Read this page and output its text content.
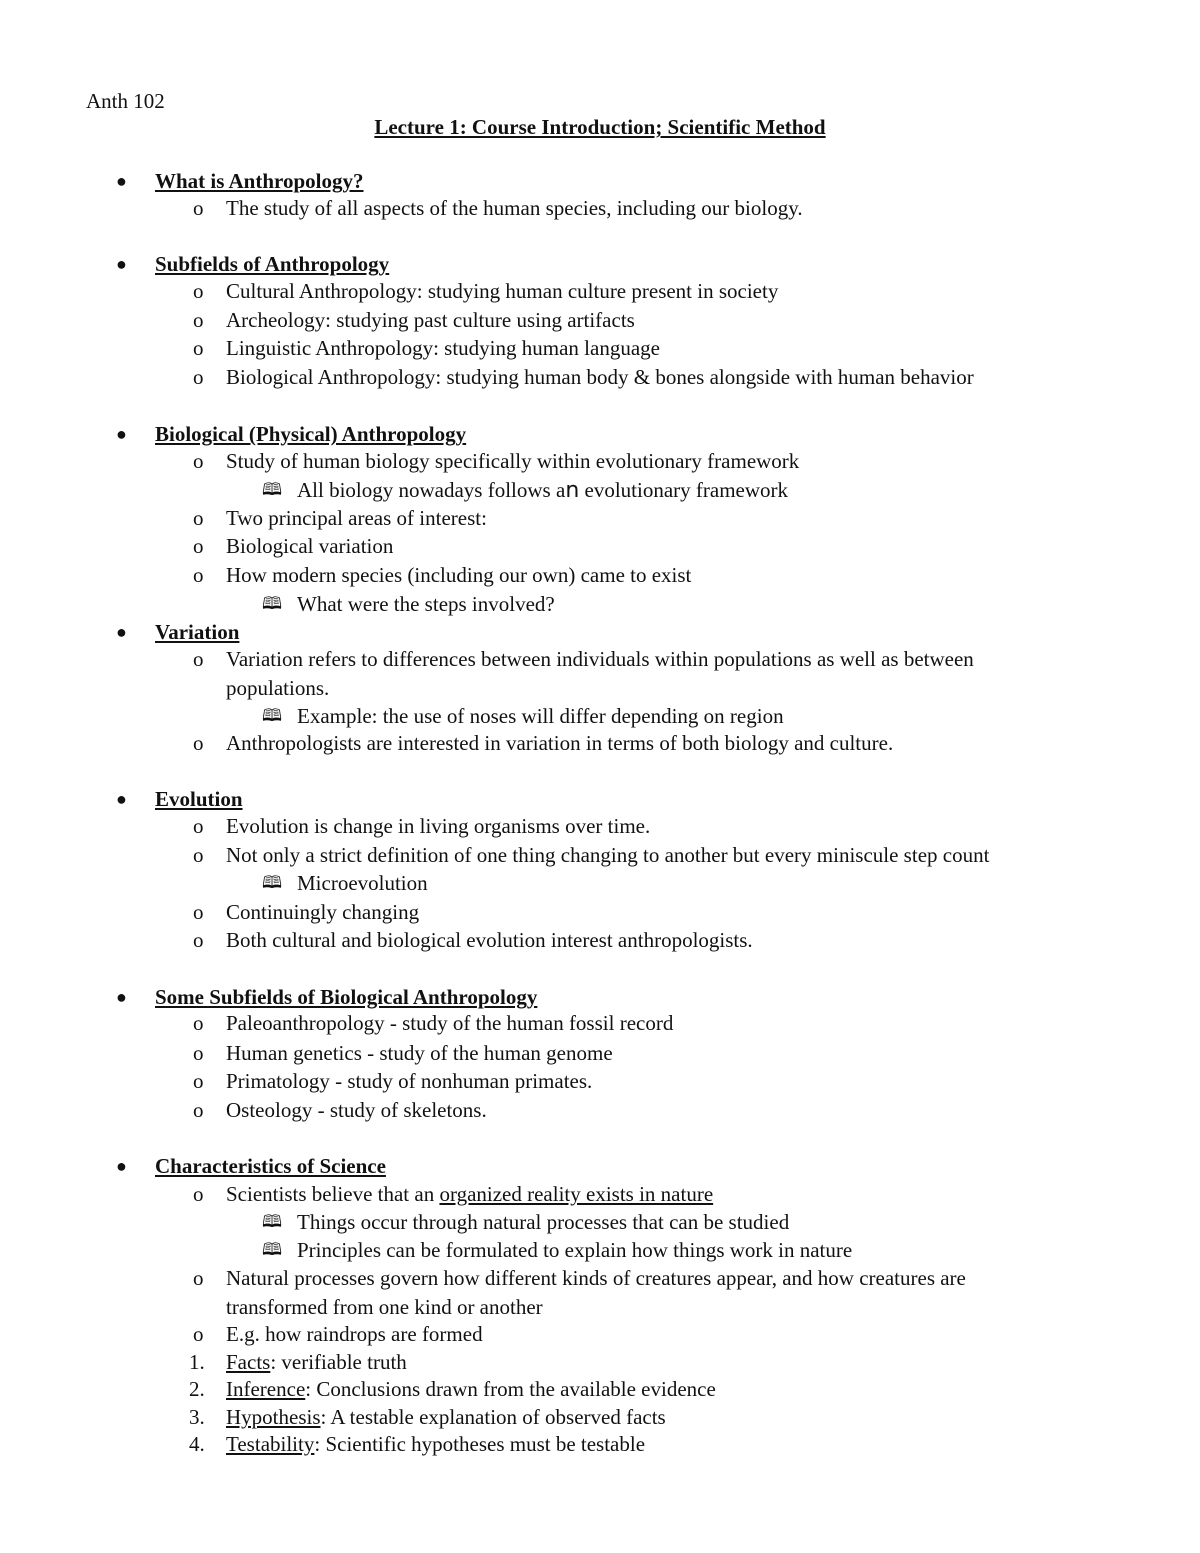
Anth 102
Lecture 1: Course Introduction; Scientific Method
● What is Anthropology?
o The study of all aspects of the human species, including our biology.
● Subfields of Anthropology
o Cultural Anthropology: studying human culture present in society
o Archeology: studying past culture using artifacts
o Linguistic Anthropology: studying human language
o Biological Anthropology: studying human body & bones alongside with human behavior
● Biological (Physical) Anthropology
o Study of human biology specifically within evolutionary framework
🕮 All biology nowadays follows an evolutionary framework
o Two principal areas of interest:
o Biological variation
o How modern species (including our own) came to exist
🕮 What were the steps involved?
● Variation
o Variation refers to differences between individuals within populations as well as between
populations.
🕮 Example: the use of noses will differ depending on region
o Anthropologists are interested in variation in terms of both biology and culture.
● Evolution
o Evolution is change in living organisms over time.
o Not only a strict definition of one thing changing to another but every miniscule step count
🕮 Microevolution
o Continuingly changing
o Both cultural and biological evolution interest anthropologists.
● Some Subfields of Biological Anthropology
o Paleoanthropology - study of the human fossil record
o Human genetics - study of the human genome
o Primatology - study of nonhuman primates.
o Osteology - study of skeletons.
● Characteristics of Science
o Scientists believe that an organized reality exists in nature
🕮 Things occur through natural processes that can be studied
🕮 Principles can be formulated to explain how things work in nature
o Natural processes govern how different kinds of creatures appear, and how creatures are
transformed from one kind or another
o E.g. how raindrops are formed
1. Facts: verifiable truth
2. Inference: Conclusions drawn from the available evidence
3. Hypothesis: A testable explanation of observed facts
4. Testability: Scientific hypotheses must be testable
